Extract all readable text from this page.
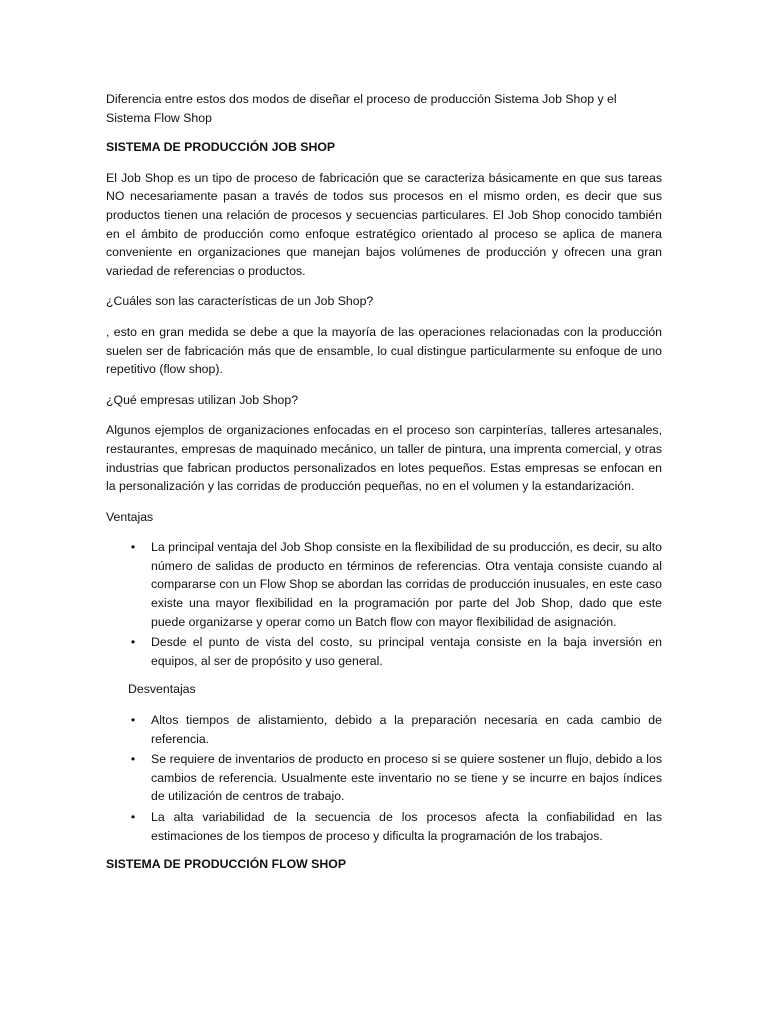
Diferencia entre estos dos modos de diseñar el proceso de producción Sistema Job Shop y el Sistema Flow Shop

SISTEMA DE PRODUCCIÓN JOB SHOP

El Job Shop es un tipo de proceso de fabricación que se caracteriza básicamente en que sus tareas NO necesariamente pasan a través de todos sus procesos en el mismo orden, es decir que sus productos tienen una relación de procesos y secuencias particulares. El Job Shop conocido también en el ámbito de producción como enfoque estratégico orientado al proceso se aplica de manera conveniente en organizaciones que manejan bajos volúmenes de producción y ofrecen una gran variedad de referencias o productos.

¿Cuáles son las características de un Job Shop?

, esto en gran medida se debe a que la mayoría de las operaciones relacionadas con la producción suelen ser de fabricación más que de ensamble, lo cual distingue particularmente su enfoque de uno repetitivo (flow shop).

¿Qué empresas utilizan Job Shop?

Algunos ejemplos de organizaciones enfocadas en el proceso son carpinterías, talleres artesanales, restaurantes, empresas de maquinado mecánico, un taller de pintura, una imprenta comercial, y otras industrias que fabrican productos personalizados en lotes pequeños. Estas empresas se enfocan en la personalización y las corridas de producción pequeñas, no en el volumen y la estandarización.

Ventajas

• La principal ventaja del Job Shop consiste en la flexibilidad de su producción, es decir, su alto número de salidas de producto en términos de referencias. Otra ventaja consiste cuando al compararse con un Flow Shop se abordan las corridas de producción inusuales, en este caso existe una mayor flexibilidad en la programación por parte del Job Shop, dado que este puede organizarse y operar como un Batch flow con mayor flexibilidad de asignación.
• Desde el punto de vista del costo, su principal ventaja consiste en la baja inversión en equipos, al ser de propósito y uso general.

Desventajas

• Altos tiempos de alistamiento, debido a la preparación necesaria en cada cambio de referencia.
• Se requiere de inventarios de producto en proceso si se quiere sostener un flujo, debido a los cambios de referencia. Usualmente este inventario no se tiene y se incurre en bajos índices de utilización de centros de trabajo.
• La alta variabilidad de la secuencia de los procesos afecta la confiabilidad en las estimaciones de los tiempos de proceso y dificulta la programación de los trabajos.

SISTEMA DE PRODUCCIÓN FLOW SHOP
